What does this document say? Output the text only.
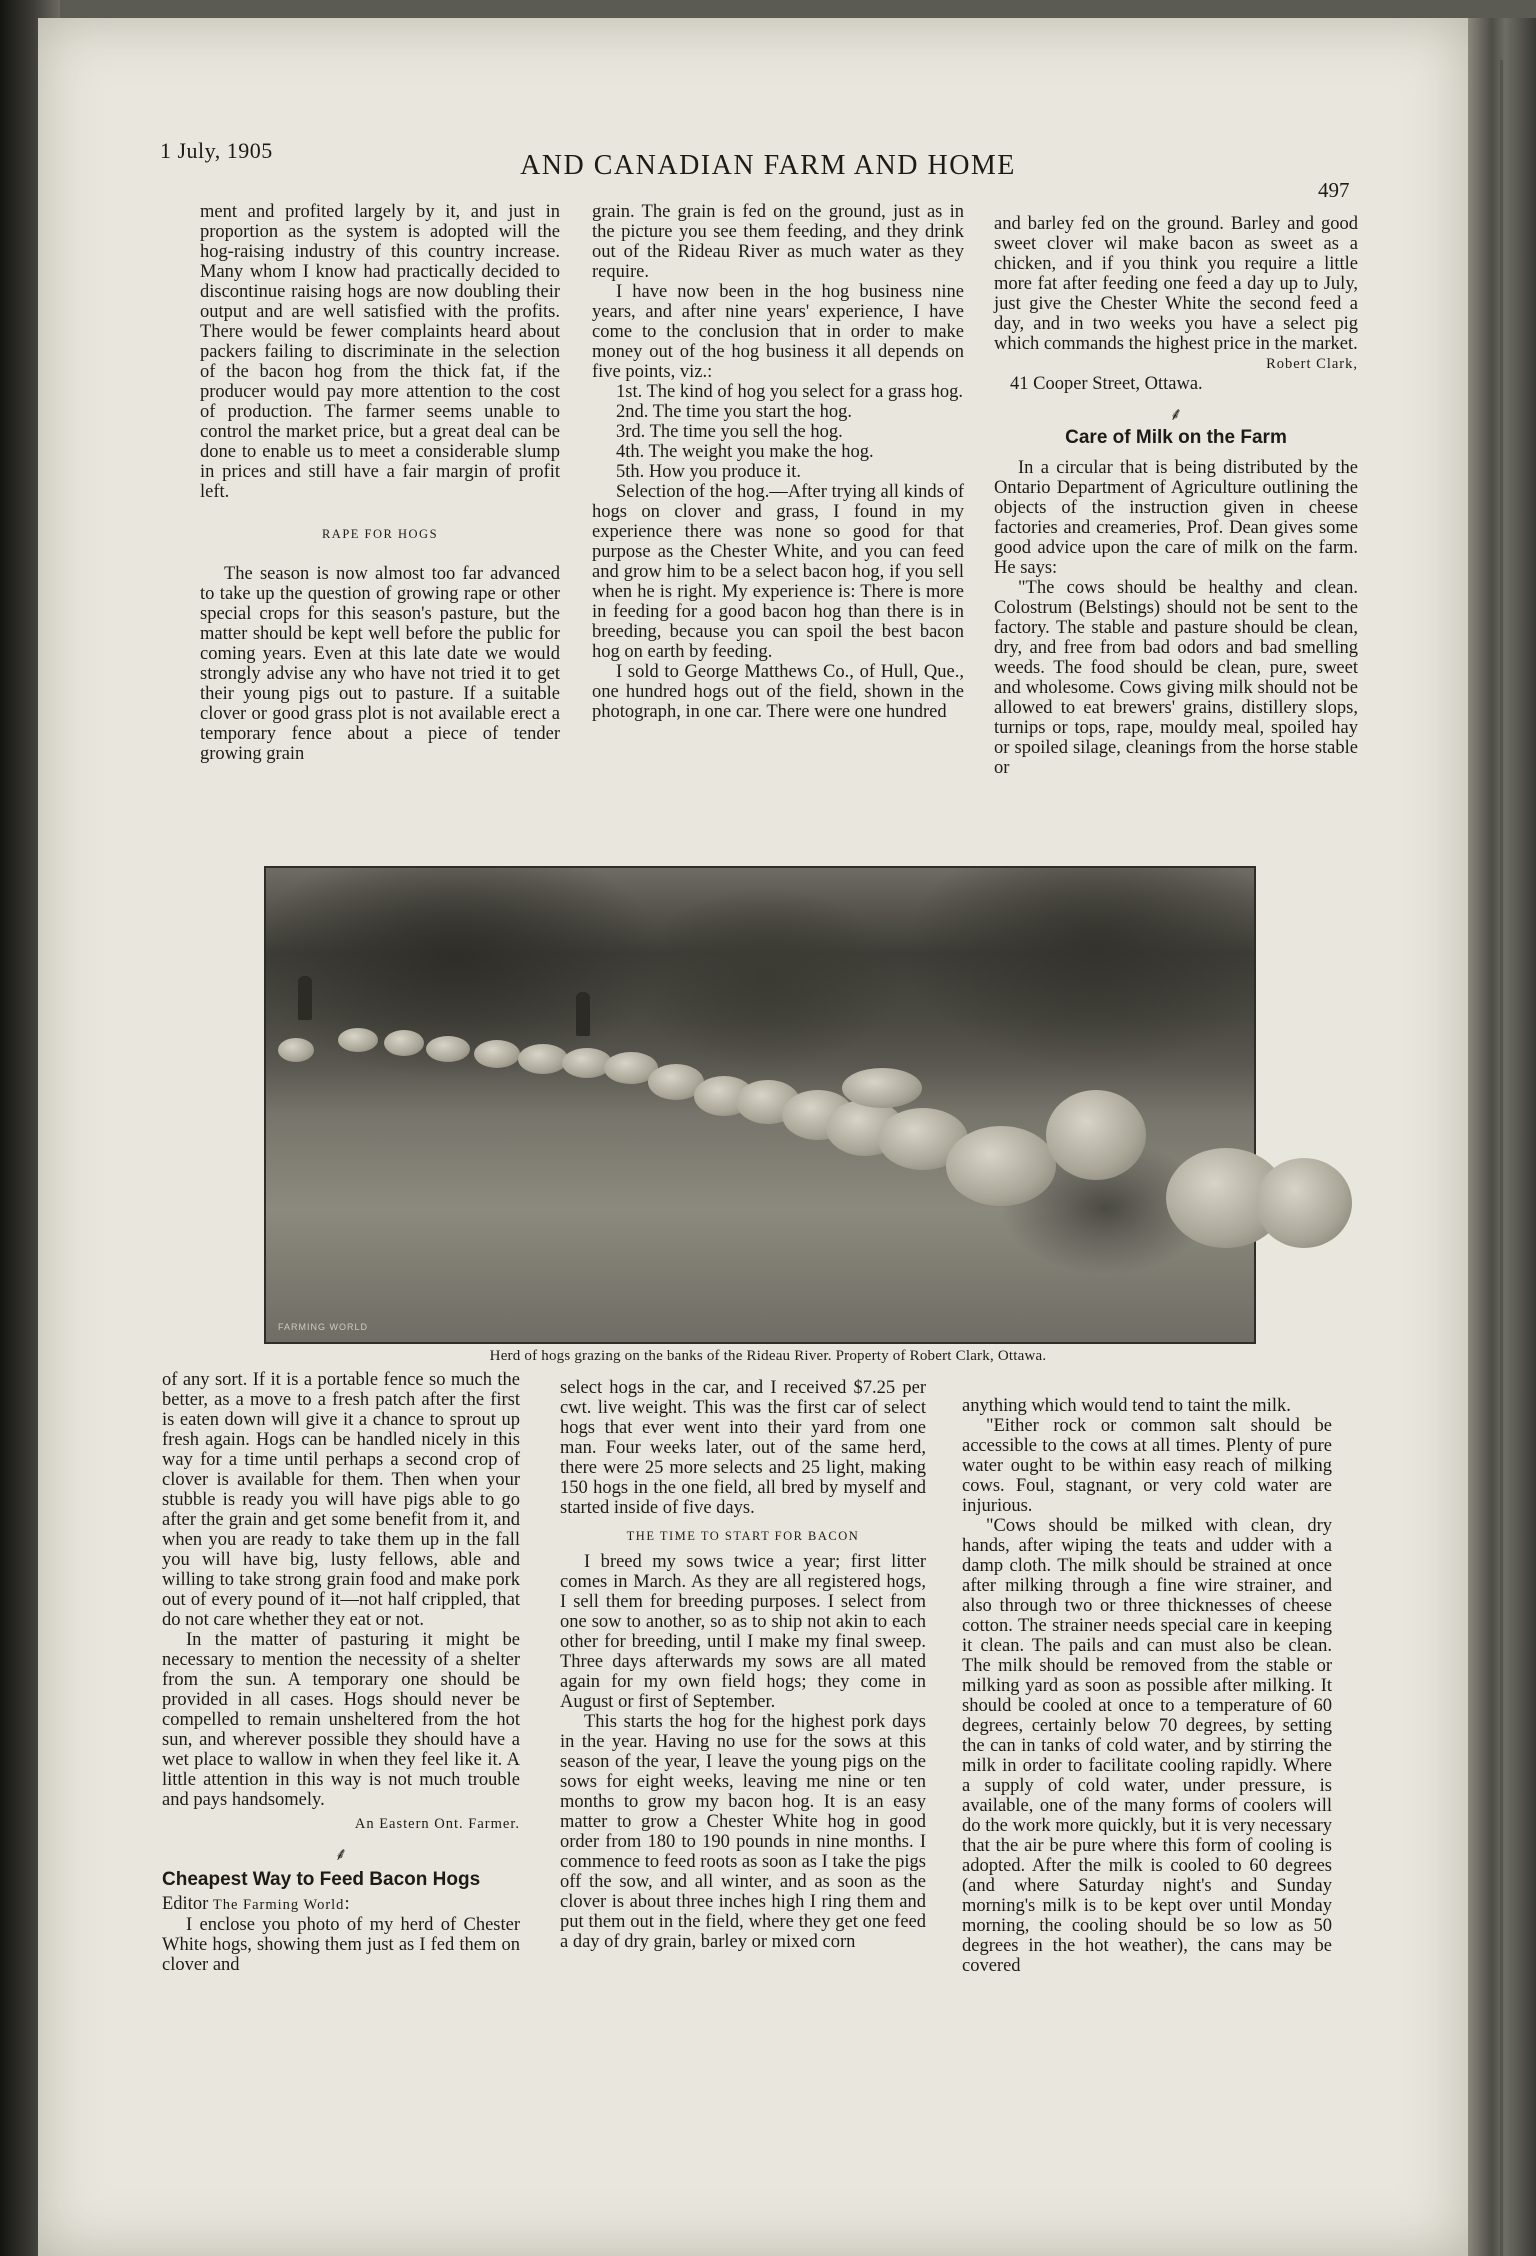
1 July, 1905	AND CANADIAN FARM AND HOME
497

ment and profited largely by it, and just in proportion as the system is adopted will the hog-raising industry of this country increase. Many whom I know had practically decided to discontinue raising hogs are now doubling their output and are well satisfied with the profits. There would be fewer complaints heard about packers failing to discriminate in the selection of the bacon hog from the thick fat, if the producer would pay more attention to the cost of production. The farmer seems unable to control the market price, but a great deal can be done to enable us to meet a considerable slump in prices and still have a fair margin of profit left.

RAPE FOR HOGS

The season is now almost too far advanced to take up the question of growing rape or other special crops for this season's pasture, but the matter should be kept well before the public for coming years. Even at this late date we would strongly advise any who have not tried it to get their young pigs out to pasture. If a suitable clover or good grass plot is not available erect a temporary fence about a piece of tender growing grain

grain. The grain is fed on the ground, just as in the picture you see them feeding, and they drink out of the Rideau River as much water as they require.

I have now been in the hog business nine years, and after nine years' experience, I have come to the conclusion that in order to make money out of the hog business it all depends on five points, viz.:

1st. The kind of hog you select for a grass hog.

2nd. The time you start the hog.

3rd. The time you sell the hog.

4th. The weight you make the hog.

5th. How you produce it.

Selection of the hog.—After trying all kinds of hogs on clover and grass, I found in my experience there was none so good for that purpose as the Chester White, and you can feed and grow him to be a select bacon hog, if you sell when he is right. My experience is: There is more in feeding for a good bacon hog than there is in breeding, because you can spoil the best bacon hog on earth by feeding.

I sold to George Matthews Co., of Hull, Que., one hundred hogs out of the field, shown in the photograph, in one car. There were one hundred

and barley fed on the ground. Barley and good sweet clover wil make bacon as sweet as a chicken, and if you think you require a little more fat after feeding one feed a day up to July, just give the Chester White the second feed a day, and in two weeks you have a select pig which commands the highest price in the market.

Robert Clark,

41 Cooper Street, Ottawa.

⸙
Care of Milk on the Farm

In a circular that is being distributed by the Ontario Department of Agriculture outlining the objects of the instruction given in cheese factories and creameries, Prof. Dean gives some good advice upon the care of milk on the farm. He says:

"The cows should be healthy and clean. Colostrum (Belstings) should not be sent to the factory. The stable and pasture should be clean, dry, and free from bad odors and bad smelling weeds. The food should be clean, pure, sweet and wholesome. Cows giving milk should not be allowed to eat brewers' grains, distillery slops, turnips or tops, rape, mouldy meal, spoiled hay or spoiled silage, cleanings from the horse stable or

FARMING WORLD
Herd of hogs grazing on the banks of the Rideau River. Property of Robert Clark, Ottawa.

of any sort. If it is a portable fence so much the better, as a move to a fresh patch after the first is eaten down will give it a chance to sprout up fresh again. Hogs can be handled nicely in this way for a time until perhaps a second crop of clover is available for them. Then when your stubble is ready you will have pigs able to go after the grain and get some benefit from it, and when you are ready to take them up in the fall you will have big, lusty fellows, able and willing to take strong grain food and make pork out of every pound of it—not half crippled, that do not care whether they eat or not.

In the matter of pasturing it might be necessary to mention the necessity of a shelter from the sun. A temporary one should be provided in all cases. Hogs should never be compelled to remain unsheltered from the hot sun, and wherever possible they should have a wet place to wallow in when they feel like it. A little attention in this way is not much trouble and pays handsomely.

An Eastern Ont. Farmer.
⸙
Cheapest Way to Feed Bacon Hogs

Editor The Farming World:

I enclose you photo of my herd of Chester White hogs, showing them just as I fed them on clover and

select hogs in the car, and I received $7.25 per cwt. live weight. This was the first car of select hogs that ever went into their yard from one man. Four weeks later, out of the same herd, there were 25 more selects and 25 light, making 150 hogs in the one field, all bred by myself and started inside of five days.

THE TIME TO START FOR BACON

I breed my sows twice a year; first litter comes in March. As they are all registered hogs, I sell them for breeding purposes. I select from one sow to another, so as to ship not akin to each other for breeding, until I make my final sweep. Three days afterwards my sows are all mated again for my own field hogs; they come in August or first of September.

This starts the hog for the highest pork days in the year. Having no use for the sows at this season of the year, I leave the young pigs on the sows for eight weeks, leaving me nine or ten months to grow my bacon hog. It is an easy matter to grow a Chester White hog in good order from 180 to 190 pounds in nine months. I commence to feed roots as soon as I take the pigs off the sow, and all winter, and as soon as the clover is about three inches high I ring them and put them out in the field, where they get one feed a day of dry grain, barley or mixed corn

anything which would tend to taint the milk.

"Either rock or common salt should be accessible to the cows at all times. Plenty of pure water ought to be within easy reach of milking cows. Foul, stagnant, or very cold water are injurious.

"Cows should be milked with clean, dry hands, after wiping the teats and udder with a damp cloth. The milk should be strained at once after milking through a fine wire strainer, and also through two or three thicknesses of cheese cotton. The strainer needs special care in keeping it clean. The pails and can must also be clean. The milk should be removed from the stable or milking yard as soon as possible after milking. It should be cooled at once to a temperature of 60 degrees, certainly below 70 degrees, by setting the can in tanks of cold water, and by stirring the milk in order to facilitate cooling rapidly. Where a supply of cold water, under pressure, is available, one of the many forms of coolers will do the work more quickly, but it is very necessary that the air be pure where this form of cooling is adopted. After the milk is cooled to 60 degrees (and where Saturday night's and Sunday morning's milk is to be kept over until Monday morning, the cooling should be so low as 50 degrees in the hot weather), the cans may be covered
